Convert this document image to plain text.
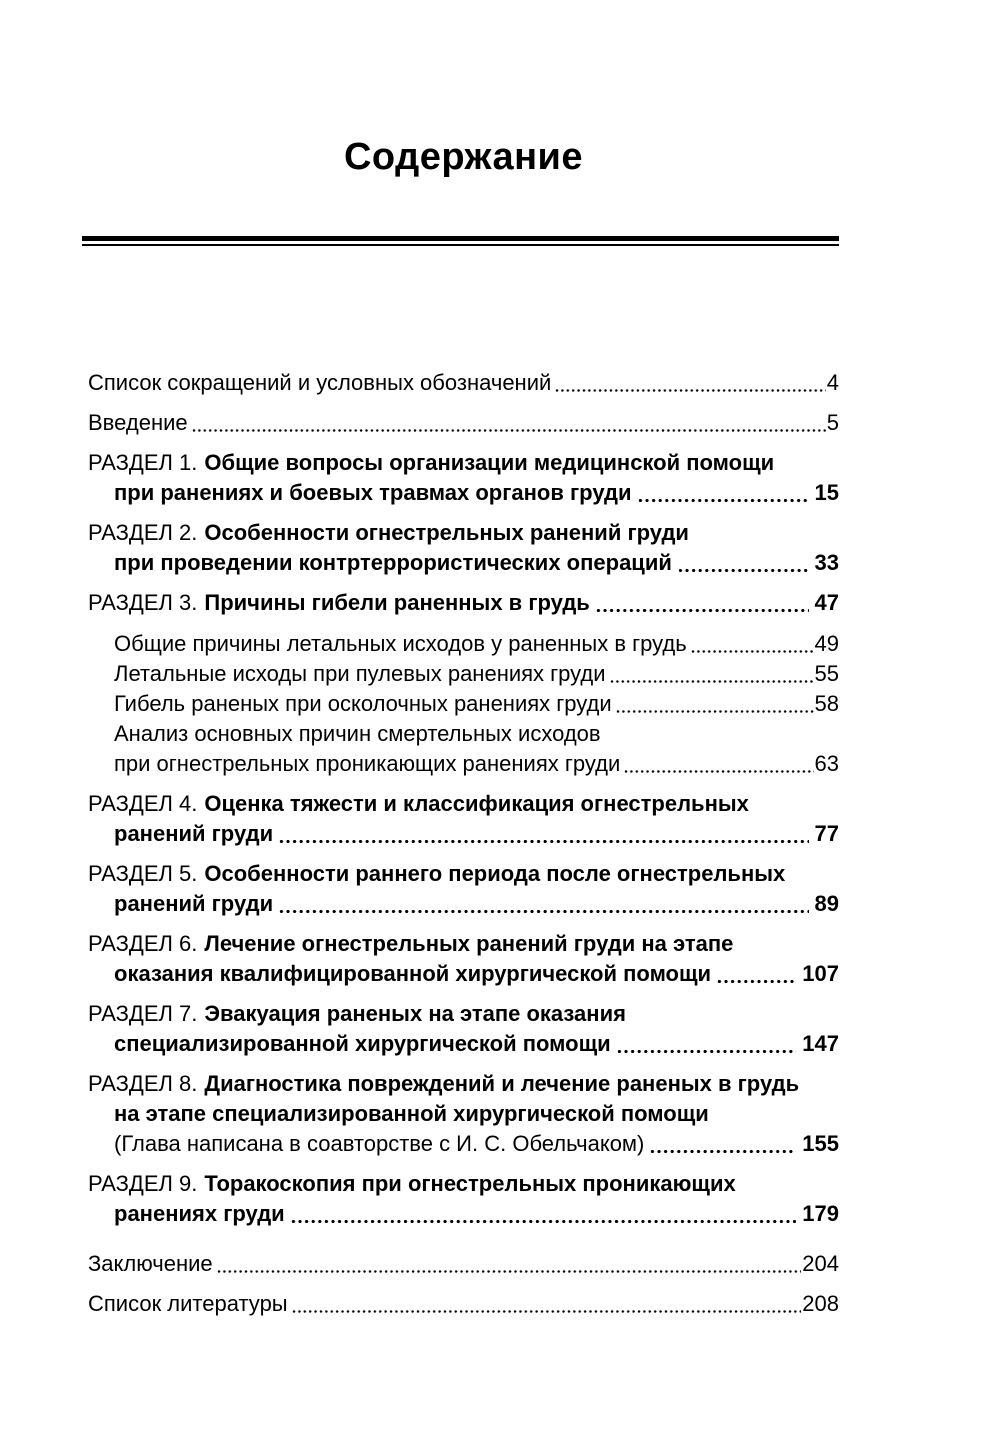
Содержание
Список сокращений и условных обозначений	4
Введение	5
РАЗДЕЛ 1. Общие вопросы организации медицинской помощи
при ранениях и боевых травмах органов груди	15
РАЗДЕЛ 2. Особенности огнестрельных ранений груди
при проведении контртеррористических операций	33
РАЗДЕЛ 3. Причины гибели раненных в грудь	47
Общие причины летальных исходов у раненных в грудь	49
Летальные исходы при пулевых ранениях груди	55
Гибель раненых при осколочных ранениях груди	58
Анализ основных причин смертельных исходов
при огнестрельных проникающих ранениях груди	63
РАЗДЕЛ 4. Оценка тяжести и классификация огнестрельных
ранений груди	77
РАЗДЕЛ 5. Особенности раннего периода после огнестрельных
ранений груди	89
РАЗДЕЛ 6. Лечение огнестрельных ранений груди на этапе
оказания квалифицированной хирургической помощи	107
РАЗДЕЛ 7. Эвакуация раненых на этапе оказания
специализированной хирургической помощи	147
РАЗДЕЛ 8. Диагностика повреждений и лечение раненых в грудь
на этапе специализированной хирургической помощи
(Глава написана в соавторстве с И. С. Обельчаком)	155
РАЗДЕЛ 9. Торакоскопия при огнестрельных проникающих
ранениях груди	179
Заключение	204
Список литературы	208
